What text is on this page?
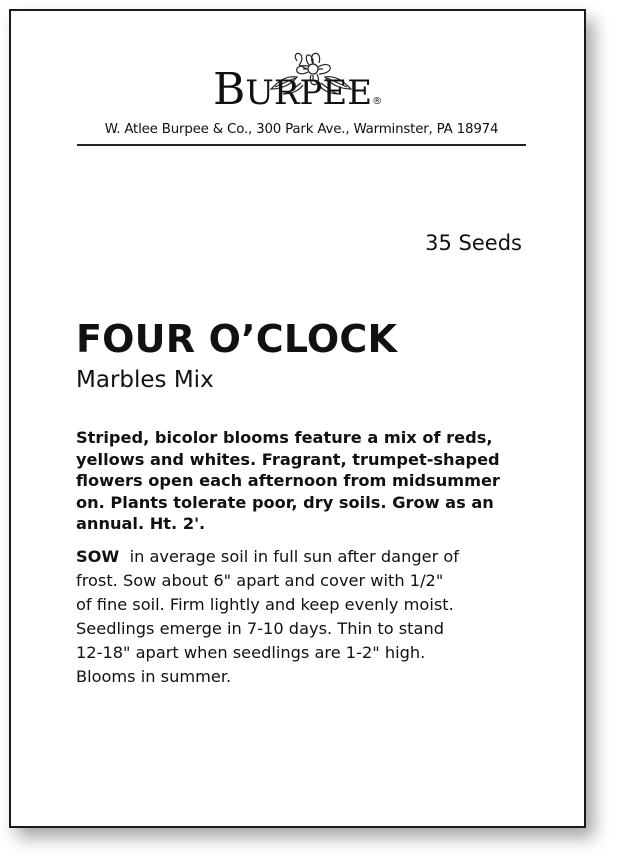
BURPEE®
W. Atlee Burpee & Co., 300 Park Ave., Warminster, PA 18974
35 Seeds
FOUR O’CLOCK
Marbles Mix
Striped, bicolor blooms feature a mix of reds,
yellows and whites. Fragrant, trumpet-shaped
flowers open each afternoon from midsummer
on. Plants tolerate poor, dry soils. Grow as an
annual. Ht. 2'.
SOW  in average soil in full sun after danger of
frost. Sow about 6" apart and cover with 1/2"
of fine soil. Firm lightly and keep evenly moist.
Seedlings emerge in 7-10 days. Thin to stand
12-18" apart when seedlings are 1-2" high.
Blooms in summer.
